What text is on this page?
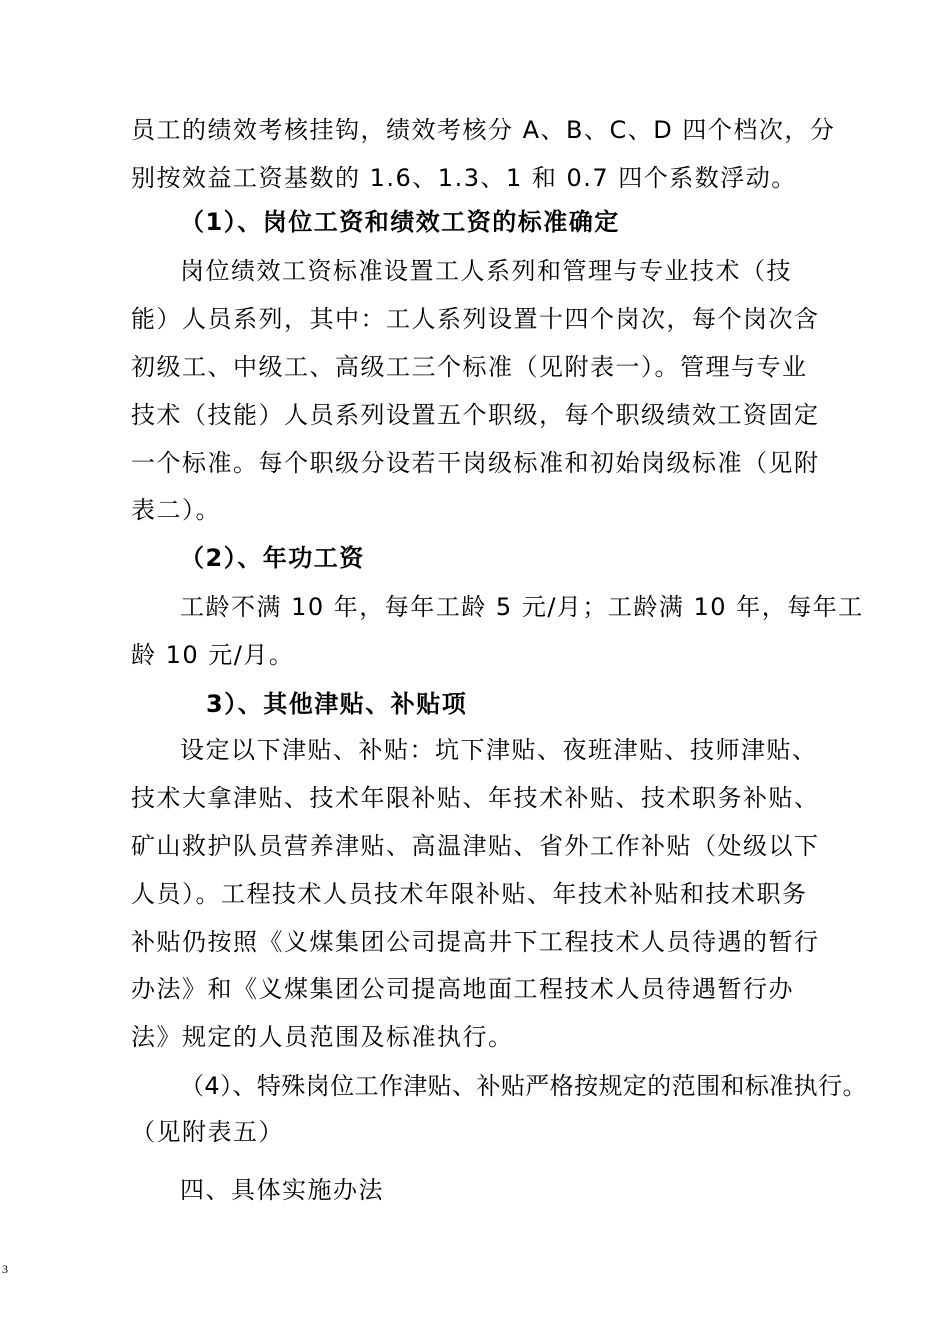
员工的绩效考核挂钩，绩效考核分 A、B、C、D 四个档次，分

别按效益工资基数的 1.6、1.3、1 和 0.7 四个系数浮动。

（1）、岗位工资和绩效工资的标准确定

岗位绩效工资标准设置工人系列和管理与专业技术（技

能）人员系列，其中：工人系列设置十四个岗次，每个岗次含

初级工、中级工、高级工三个标准（见附表一）。管理与专业

技术（技能）人员系列设置五个职级，每个职级绩效工资固定

一个标准。每个职级分设若干岗级标准和初始岗级标准（见附

表二）。

（2）、年功工资

工龄不满 10 年，每年工龄 5 元/月；工龄满 10 年，每年工

龄 10 元/月。

3）、其他津贴、补贴项

设定以下津贴、补贴：坑下津贴、夜班津贴、技师津贴、

技术大拿津贴、技术年限补贴、年技术补贴、技术职务补贴、

矿山救护队员营养津贴、高温津贴、省外工作补贴（处级以下

人员）。工程技术人员技术年限补贴、年技术补贴和技术职务

补贴仍按照《义煤集团公司提高井下工程技术人员待遇的暂行

办法》和《义煤集团公司提高地面工程技术人员待遇暂行办

法》规定的人员范围及标准执行。

（4）、特殊岗位工作津贴、补贴严格按规定的范围和标准执行。

（见附表五）

四、具体实施办法

3
